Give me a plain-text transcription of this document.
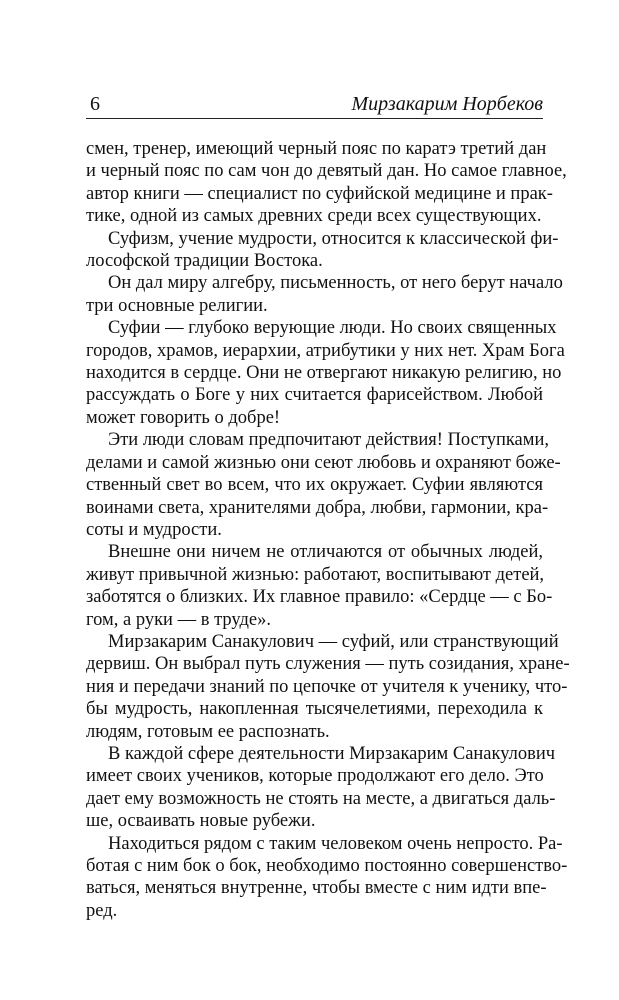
6	Мирзакарим Норбеков
смен, тренер, имеющий черный пояс по каратэ третий дан
и черный пояс по сам чон до девятый дан. Но самое главное,
автор книги — специалист по суфийской медицине и прак-
тике, одной из самых древних среди всех существующих.
Суфизм, учение мудрости, относится к классической фи-
лософской традиции Востока.
Он дал миру алгебру, письменность, от него берут начало
три основные религии.
Суфии — глубоко верующие люди. Но своих священных
городов, храмов, иерархии, атрибутики у них нет. Храм Бога
находится в сердце. Они не отвергают никакую религию, но
рассуждать о Боге у них считается фарисейством. Любой
может говорить о добре!
Эти люди словам предпочитают действия! Поступками,
делами и самой жизнью они сеют любовь и охраняют боже-
ственный свет во всем, что их окружает. Суфии являются
воинами света, хранителями добра, любви, гармонии, кра-
соты и мудрости.
Внешне они ничем не отличаются от обычных людей,
живут привычной жизнью: работают, воспитывают детей,
заботятся о близких. Их главное правило: «Сердце — с Бо-
гом, а руки — в труде».
Мирзакарим Санакулович — суфий, или странствующий
дервиш. Он выбрал путь служения — путь созидания, хране-
ния и передачи знаний по цепочке от учителя к ученику, что-
бы мудрость, накопленная тысячелетиями, переходила к
людям, готовым ее распознать.
В каждой сфере деятельности Мирзакарим Санакулович
имеет своих учеников, которые продолжают его дело. Это
дает ему возможность не стоять на месте, а двигаться даль-
ше, осваивать новые рубежи.
Находиться рядом с таким человеком очень непросто. Ра-
ботая с ним бок о бок, необходимо постоянно совершенство-
ваться, меняться внутренне, чтобы вместе с ним идти впе-
ред.
